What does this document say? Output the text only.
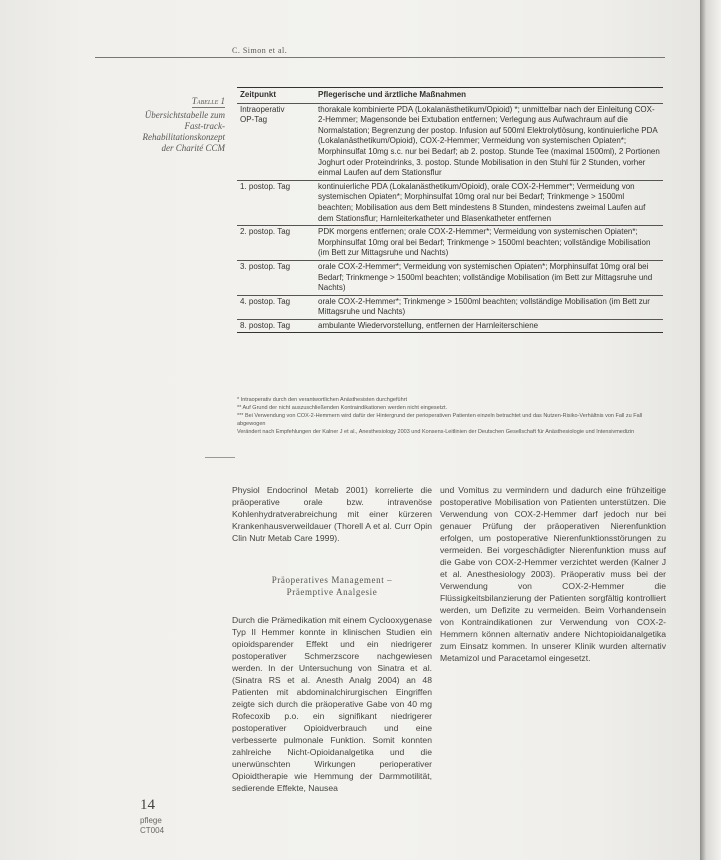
C. Simon et al.
Tabelle 1
Übersichtstabelle zum Fast-track-Rehabilitationskonzept der Charité CCM
Zeitpunkt	Pflegerische und ärztliche Maßnahmen
Intraoperativ
OP-Tag	thorakale kombinierte PDA (Lokalanästhetikum/Opioid) *; unmittelbar nach der Einleitung COX-2-Hemmer; Magensonde bei Extubation entfernen; Verlegung aus Aufwachraum auf die Normalstation; Begrenzung der postop. Infusion auf 500ml Elektrolytlösung, kontinuierliche PDA (Lokalanästhetikum/Opioid), COX-2-Hemmer; Vermeidung von systemischen Opiaten*; Morphinsulfat 10mg s.c. nur bei Bedarf; ab 2. postop. Stunde Tee (maximal 1500ml), 2 Portionen Joghurt oder Proteindrinks, 3. postop. Stunde Mobilisation in den Stuhl für 2 Stunden, vorher einmal Laufen auf dem Stationsflur
1. postop. Tag	kontinuierliche PDA (Lokalanästhetikum/Opioid), orale COX-2-Hemmer*; Vermeidung von systemischen Opiaten*; Morphinsulfat 10mg oral nur bei Bedarf; Trinkmenge > 1500ml beachten; Mobilisation aus dem Bett mindestens 8 Stunden, mindestens zweimal Laufen auf dem Stationsflur; Harnleiterkatheter und Blasenkatheter entfernen
2. postop. Tag	PDK morgens entfernen; orale COX-2-Hemmer*; Vermeidung von systemischen Opiaten*; Morphinsulfat 10mg oral bei Bedarf; Trinkmenge > 1500ml beachten; vollständige Mobilisation (im Bett zur Mittagsruhe und Nachts)
3. postop. Tag	orale COX-2-Hemmer*; Vermeidung von systemischen Opiaten*; Morphinsulfat 10mg oral bei Bedarf; Trinkmenge > 1500ml beachten; vollständige Mobilisation (im Bett zur Mittagsruhe und Nachts)
4. postop. Tag	orale COX-2-Hemmer*; Trinkmenge > 1500ml beachten; vollständige Mobilisation (im Bett zur Mittagsruhe und Nachts)
8. postop. Tag	ambulante Wiedervorstellung, entfernen der Harnleiterschiene
* Intraoperativ durch den verantwortlichen Anästhesisten durchgeführt
** Auf Grund der nicht auszuschließenden Kontraindikationen werden nicht eingesetzt.
*** Bei Verwendung von COX-2-Hemmern wird dafür der Hintergrund der perioperativen Patienten einzeln betrachtet und das Nutzen-Risiko-Verhältnis von Fall zu Fall abgewogen
Verändert nach Empfehlungen der Kalner J et al., Anesthesiology 2003 und Konsens-Leitlinien der Deutschen Gesellschaft für Anästhesiologie und Intensivmedizin

Physiol Endocrinol Metab 2001) korrelierte die präoperative orale bzw. intravenöse Kohlenhydratverabreichung mit einer kürzeren Krankenhausverweildauer (Thorell A et al. Curr Opin Clin Nutr Metab Care 1999).

Präoperatives Management –
Präemptive Analgesie

Durch die Prämedikation mit einem Cyclooxygenase Typ II Hemmer konnte in klinischen Studien ein opioidsparender Effekt und ein niedrigerer postoperativer Schmerzscore nachgewiesen werden. In der Untersuchung von Sinatra et al. (Sinatra RS et al. Anesth Analg 2004) an 48 Patienten mit abdominalchirurgischen Eingriffen zeigte sich durch die präoperative Gabe von 40 mg Rofecoxib p.o. ein signifikant niedrigerer postoperativer Opioidverbrauch und eine verbesserte pulmonale Funktion. Somit konnten zahlreiche Nicht-Opioidanalgetika und die unerwünschten Wirkungen perioperativer Opioidtherapie wie Hemmung der Darmmotilität, sedierende Effekte, Nausea

und Vomitus zu vermindern und dadurch eine frühzeitige postoperative Mobilisation von Patienten unterstützen. Die Verwendung von COX-2-Hemmer darf jedoch nur bei genauer Prüfung der präoperativen Nierenfunktion erfolgen, um postoperative Nierenfunktionsstörungen zu vermeiden. Bei vorgeschädigter Nierenfunktion muss auf die Gabe von COX-2-Hemmer verzichtet werden (Kalner J et al. Anesthesiology 2003). Präoperativ muss bei der Verwendung von COX-2-Hemmer die Flüssigkeitsbilanzierung der Patienten sorgfältig kontrolliert werden, um Defizite zu vermeiden. Beim Vorhandensein von Kontraindikationen zur Verwendung von COX-2-Hemmern können alternativ andere Nichtopioidanalgetika zum Einsatz kommen. In unserer Klinik wurden alternativ Metamizol und Paracetamol eingesetzt.

14
pflege
CT004
